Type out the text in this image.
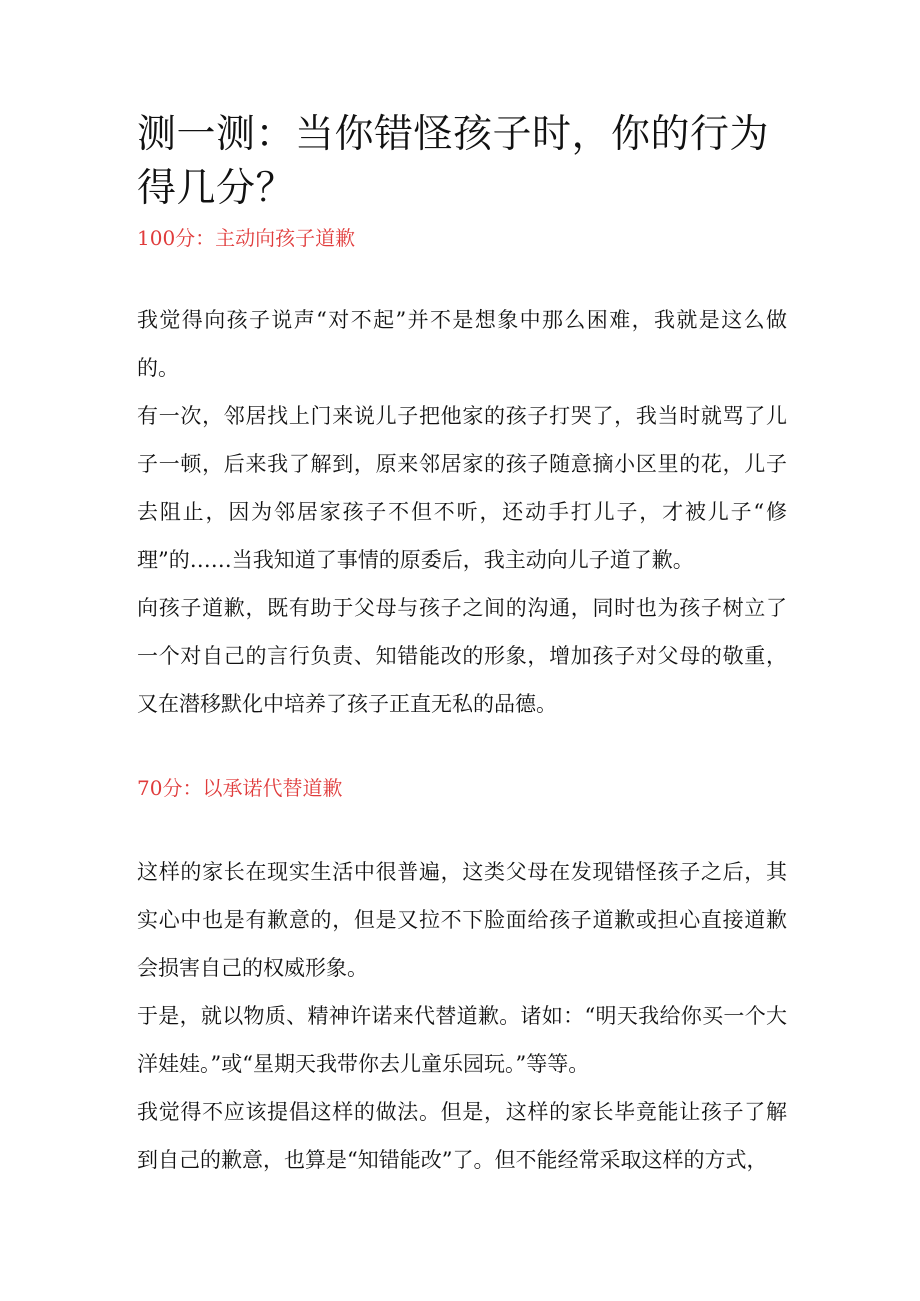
测一测：当你错怪孩子时，你的行为得几分？
100分：主动向孩子道歉

我觉得向孩子说声“对不起”并不是想象中那么困难，我就是这么做的。

有一次，邻居找上门来说儿子把他家的孩子打哭了，我当时就骂了儿子一顿，后来我了解到，原来邻居家的孩子随意摘小区里的花，儿子去阻止，因为邻居家孩子不但不听，还动手打儿子，才被儿子“修理”的……当我知道了事情的原委后，我主动向儿子道了歉。

向孩子道歉，既有助于父母与孩子之间的沟通，同时也为孩子树立了一个对自己的言行负责、知错能改的形象，增加孩子对父母的敬重，又在潜移默化中培养了孩子正直无私的品德。

70分：以承诺代替道歉

这样的家长在现实生活中很普遍，这类父母在发现错怪孩子之后，其实心中也是有歉意的，但是又拉不下脸面给孩子道歉或担心直接道歉会损害自己的权威形象。

于是，就以物质、精神许诺来代替道歉。诸如：“明天我给你买一个大洋娃娃。”或“星期天我带你去儿童乐园玩。”等等。

我觉得不应该提倡这样的做法。但是，这样的家长毕竟能让孩子了解到自己的歉意，也算是“知错能改”了。但不能经常采取这样的方式，
